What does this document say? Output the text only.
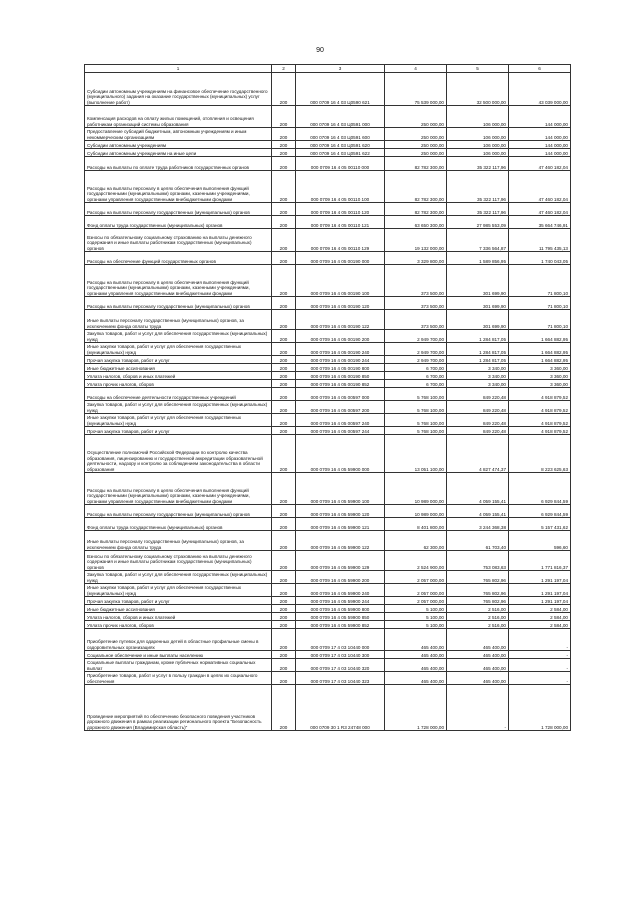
90
1	2	3	4	5	6
Субсидии автономным учреждениям на финансовое обеспечение государственного (муниципального) задания на оказание государственных (муниципальных) услуг (выполнение работ)	200	000 0709 16 4 03 Ц0590 621	75 539 000,00	32 500 000,00	43 039 000,00
Компенсация расходов на оплату жилых помещений, отопления и освещения работникам организаций системы образования	200	000 0709 16 4 03 Ц0591 000	250 000,00	106 000,00	144 000,00
Предоставление субсидий бюджетным, автономным учреждениям и иным некоммерческим организациям	200	000 0709 16 4 03 Ц0591 600	250 000,00	106 000,00	144 000,00
Субсидии автономным учреждениям	200	000 0709 16 4 03 Ц0591 620	250 000,00	106 000,00	144 000,00
Субсидии автономным учреждениям на иные цели	200	000 0709 16 4 03 Ц0591 622	250 000,00	106 000,00	144 000,00
Расходы на выплаты по оплате труда работников государственных органов	200	000 0709 16 4 05 00110 000	82 782 300,00	35 322 117,96	47 460 182,04
Расходы на выплаты персоналу в целях обеспечения выполнения функций государственными (муниципальными) органами, казенными учреждениями, органами управления государственными внебюджетными фондами	200	000 0709 16 4 05 00110 100	82 782 300,00	35 322 117,96	47 460 182,04
Расходы на выплаты персоналу государственных (муниципальных) органов	200	000 0709 16 4 05 00110 120	82 782 300,00	35 322 117,96	47 460 182,04
Фонд оплаты труда государственных (муниципальных) органов	200	000 0709 16 4 05 00110 121	63 650 300,00	27 985 553,09	35 664 746,91
Взносы по обязательному социальному страхованию на выплаты денежного содержания и иные выплаты работникам государственных (муниципальных) органов	200	000 0709 16 4 05 00110 129	19 132 000,00	7 336 564,87	11 795 435,13
Расходы на обеспечение функций государственных органов	200	000 0709 16 4 05 00190 000	3 329 800,00	1 589 856,95	1 740 043,05
Расходы на выплаты персоналу в целях обеспечения выполнения функций государственными (муниципальными) органами, казенными учреждениями, органами управления государственными внебюджетными фондами	200	000 0709 16 4 05 00190 100	373 500,00	301 699,90	71 800,10
Расходы на выплаты персоналу государственных (муниципальных) органов	200	000 0709 16 4 05 00190 120	373 500,00	301 699,90	71 800,10
Иные выплаты персоналу государственных (муниципальных) органов, за исключением фонда оплаты труда	200	000 0709 16 4 05 00190 122	373 500,00	301 699,90	71 800,10
Закупка товаров, работ и услуг для обеспечения государственных (муниципальных) нужд	200	000 0709 16 4 05 00190 200	2 949 700,00	1 284 817,05	1 664 882,95
Иные закупки товаров, работ и услуг для обеспечения государственных (муниципальных) нужд	200	000 0709 16 4 05 00190 240	2 949 700,00	1 284 817,05	1 664 882,95
Прочая закупка товаров, работ и услуг	200	000 0709 16 4 05 00190 244	2 949 700,00	1 284 817,05	1 664 882,95
Иные бюджетные ассигнования	200	000 0709 16 4 05 00190 800	6 700,00	3 340,00	3 360,00
Уплата налогов, сборов и иных платежей	200	000 0709 16 4 05 00190 850	6 700,00	3 340,00	3 360,00
Уплата прочих налогов, сборов	200	000 0709 16 4 05 00190 852	6 700,00	3 340,00	3 360,00
Расходы на обеспечение деятельности государственных учреждений	200	000 0709 16 4 05 00597 000	5 768 100,00	849 220,48	4 918 879,52
Закупка товаров, работ и услуг для обеспечения государственных (муниципальных) нужд	200	000 0709 16 4 05 00597 200	5 768 100,00	849 220,48	4 918 879,52
Иные закупки товаров, работ и услуг для обеспечения государственных (муниципальных) нужд	200	000 0709 16 4 05 00597 240	5 768 100,00	849 220,48	4 918 879,52
Прочая закупка товаров, работ и услуг	200	000 0709 16 4 05 00597 244	5 768 100,00	849 220,48	4 918 879,52
Осуществление полномочий Российской Федерации по контролю качества образования, лицензированию и государственной аккредитации образовательной деятельности, надзору и контролю за соблюдением законодательства в области образования	200	000 0709 16 4 05 59900 000	13 051 100,00	4 827 474,37	8 223 625,63
Расходы на выплаты персоналу в целях обеспечения выполнения функций государственными (муниципальными) органами, казенными учреждениями, органами управления государственными внебюджетными фондами	200	000 0709 16 4 05 59900 100	10 989 000,00	4 059 155,41	6 929 844,59
Расходы на выплаты персоналу государственных (муниципальных) органов	200	000 0709 16 4 05 59900 120	10 989 000,00	4 059 155,41	6 929 844,59
Фонд оплаты труда государственных (муниципальных) органов	200	000 0709 16 4 05 59900 121	8 401 800,00	3 244 368,38	5 157 431,62
Иные выплаты персоналу государственных (муниципальных) органов, за исключением фонда оплаты труда	200	000 0709 16 4 05 59900 122	62 300,00	61 703,40	596,60
Взносы по обязательному социальному страхованию на выплаты денежного содержания и иные выплаты работникам государственных (муниципальных) органов	200	000 0709 16 4 05 59900 129	2 524 900,00	753 083,63	1 771 816,37
Закупка товаров, работ и услуг для обеспечения государственных (муниципальных) нужд	200	000 0709 16 4 05 59900 200	2 057 000,00	765 802,96	1 291 197,04
Иные закупки товаров, работ и услуг для обеспечения государственных (муниципальных) нужд	200	000 0709 16 4 05 59900 240	2 057 000,00	765 802,96	1 291 197,04
Прочая закупка товаров, работ и услуг	200	000 0709 16 4 05 59900 244	2 057 000,00	765 802,96	1 291 197,04
Иные бюджетные ассигнования	200	000 0709 16 4 05 59900 800	5 100,00	2 516,00	2 584,00
Уплата налогов, сборов и иных платежей	200	000 0709 16 4 05 59900 850	5 100,00	2 516,00	2 584,00
Уплата прочих налогов, сборов	200	000 0709 16 4 05 59900 852	5 100,00	2 516,00	2 584,00
Приобретение путевок для одаренных детей в областные профильные смены в оздоровительных организациях	200	000 0709 17 4 03 10440 000	465 400,00	465 400,00	-
Социальное обеспечение и иные выплаты населению	200	000 0709 17 4 03 10440 300	465 400,00	465 400,00	-
Социальные выплаты гражданам, кроме публичных нормативных социальных выплат	200	000 0709 17 4 03 10440 320	465 400,00	465 400,00	-
Приобретение товаров, работ и услуг в пользу граждан в целях их социального обеспечения	200	000 0709 17 4 03 10440 323	465 400,00	465 400,00	-
Проведение мероприятий по обеспечению безопасного поведения участников дорожного движения в рамках реализации регионального проекта "Безопасность дорожного движения (Владимирская область)"	200	000 0709 30 1 R3 24748 000	1 728 000,00	-	1 728 000,00
